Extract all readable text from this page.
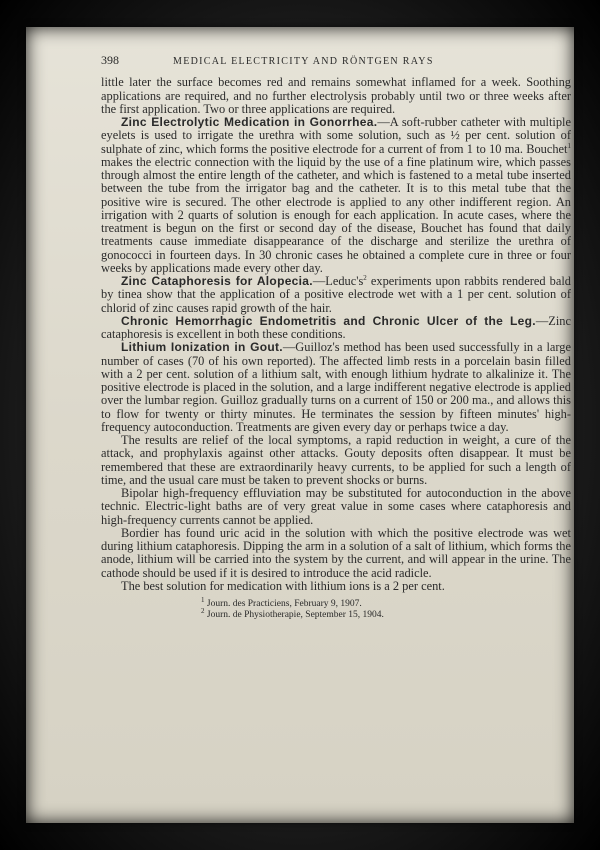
398	MEDICAL ELECTRICITY AND RÖNTGEN RAYS

little later the surface becomes red and remains somewhat inflamed for a week. Soothing applications are required, and no further electrolysis probably until two or three weeks after the first application. Two or three applications are required.

Zinc Electrolytic Medication in Gonorrhea.—A soft-rubber catheter with multiple eyelets is used to irrigate the urethra with some solution, such as ½ per cent. solution of sulphate of zinc, which forms the positive electrode for a current of from 1 to 10 ma. Bouchet$^1$ makes the electric connection with the liquid by the use of a fine platinum wire, which passes through almost the entire length of the catheter, and which is fastened to a metal tube inserted between the tube from the irrigator bag and the catheter. It is to this metal tube that the positive wire is secured. The other electrode is applied to any other indifferent region. An irrigation with 2 quarts of solution is enough for each application. In acute cases, where the treatment is begun on the first or second day of the disease, Bouchet has found that daily treatments cause immediate disappearance of the discharge and sterilize the urethra of gonococci in fourteen days. In 30 chronic cases he obtained a complete cure in three or four weeks by applications made every other day.

Zinc Cataphoresis for $Alopecia.—Leduc's^2$ experiments upon rabbits rendered bald by tinea show that the application of a positive electrode wet with a 1 per cent. solution of chlorid of zinc causes rapid growth of the hair.

Chronic Hemorrhagic Endometritis and Chronic Ulcer of the Leg.—Zinc cataphoresis is excellent in both these conditions.

Lithium Ionization in Gout.—Guilloz's method has been used successfully in a large number of cases (70 of his own reported). The affected limb rests in a porcelain basin filled with a 2 per cent. solution of a lithium salt, with enough lithium hydrate to alkalinize it. The positive electrode is placed in the solution, and a large indifferent negative electrode is applied over the lumbar region. Guilloz gradually turns on a current of 150 or 200 ma., and allows this to flow for twenty or thirty minutes. He terminates the session by fifteen minutes' high-frequency autoconduction. Treatments are given every day or perhaps twice a day.

The results are relief of the local symptoms, a rapid reduction in weight, a cure of the attack, and prophylaxis against other attacks. Gouty deposits often disappear. It must be remembered that these are extraordinarily heavy currents, to be applied for such a length of time, and the usual care must be taken to prevent shocks or burns.

Bipolar high-frequency effluviation may be substituted for autoconduction in the above technic. Electric-light baths are of very great value in some cases where cataphoresis and high-frequency currents cannot be applied.

Bordier has found uric acid in the solution with which the positive electrode was wet during lithium cataphoresis. Dipping the arm in a solution of a salt of lithium, which forms the anode, lithium will be carried into the system by the current, and will appear in the urine. The cathode should be used if it is desired to introduce the acid radicle.

The best solution for medication with lithium ions is a 2 per cent.

$^1$ Journ. des Practiciens, February 9, 1907.

$^2$ Journ. de Physiotherapie, September 15, 1904.
